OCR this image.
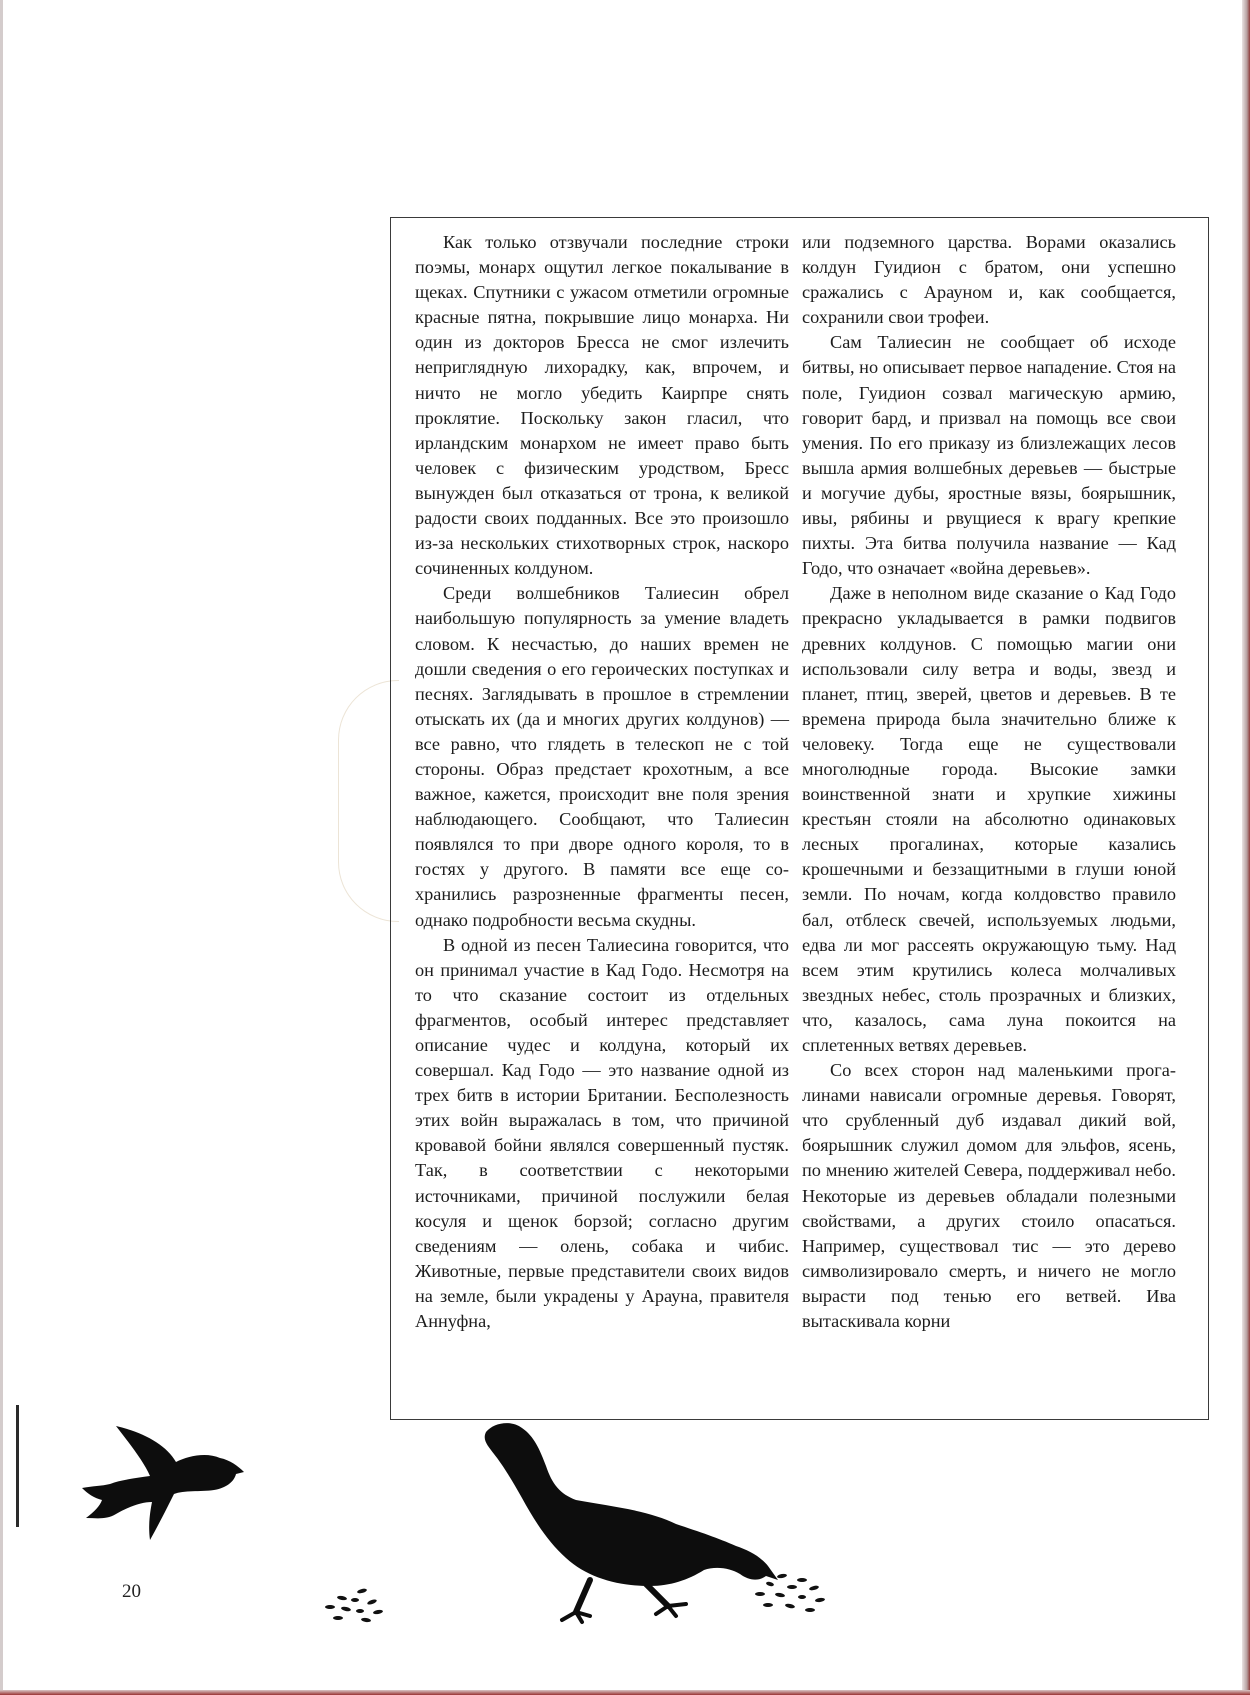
Как только отзвучали последние строки поэмы, монарх ощутил легкое покалывание в щеках. Спутники с ужасом отметили огромные красные пятна, покрывшие лицо монарха. Ни один из докторов Бресса не смог излечить неприглядную лихорадку, как, впрочем, и ничто не могло убедить Каирпре снять проклятие. Поскольку закон гласил, что ирландским монархом не имеет право быть человек с физическим уродством, Бресс вынужден был отказаться от трона, к великой радости своих подданных. Все это произошло из-за нескольких стихотворных строк, наскоро сочиненных колдуном.

Среди волшебников Талиесин обрел наибольшую популярность за умение владеть словом. К несчастью, до наших времен не дошли сведения о его героических поступках и песнях. Заглядывать в прошлое в стремлении отыскать их (да и многих других колдунов) — все равно, что глядеть в телескоп не с той стороны. Образ предстает крохотным, а все важное, кажется, происходит вне поля зрения наблюдающего. Сообщают, что Талиесин появлялся то при дворе одного короля, то в гостях у другого. В памяти все еще сохранились разрозненные фрагменты песен, однако подробности весьма скудны.

В одной из песен Талиесина говорится, что он принимал участие в Кад Годо. Несмотря на то что сказание состоит из отдельных фрагментов, особый интерес представляет описание чудес и колдуна, который их совершал. Кад Годо — это название одной из трех битв в истории Британии. Бесполезность этих войн выражалась в том, что причиной кровавой бойни являлся совершенный пустяк. Так, в соответствии с некоторыми источниками, причиной послужили белая косуля и щенок борзой; согласно другим сведениям — олень, собака и чибис. Животные, первые представители своих видов на земле, были украдены у Арауна, правителя Аннуфна,

или подземного царства. Ворами оказались колдун Гуидион с братом, они успешно сражались с Арауном и, как сообщается, сохранили свои трофеи.

Сам Талиесин не сообщает об исходе битвы, но описывает первое нападение. Стоя на поле, Гуидион созвал магическую армию, говорит бард, и призвал на помощь все свои умения. По его приказу из близлежащих лесов вышла армия волшебных деревьев — быстрые и могучие дубы, яростные вязы, боярышник, ивы, рябины и рвущиеся к врагу крепкие пихты. Эта битва получила название — Кад Годо, что означает «война деревьев».

Даже в неполном виде сказание о Кад Годо прекрасно укладывается в рамки подвигов древних колдунов. С помощью магии они использовали силу ветра и воды, звезд и планет, птиц, зверей, цветов и деревьев. В те времена природа была значительно ближе к человеку. Тогда еще не существовали многолюдные города. Высокие замки воинственной знати и хрупкие хижины крестьян стояли на абсолютно одинаковых лесных прогалинах, которые казались крошечными и беззащитными в глуши юной земли. По ночам, когда колдовство правило бал, отблеск свечей, используемых людьми, едва ли мог рассеять окружающую тьму. Над всем этим крутились колеса молчаливых звездных небес, столь прозрачных и близких, что, казалось, сама луна покоится на сплетенных ветвях деревьев.

Со всех сторон над маленькими прогалинами нависали огромные деревья. Говорят, что срубленный дуб издавал дикий вой, боярышник служил домом для эльфов, ясень, по мнению жителей Севера, поддерживал небо. Некоторые из деревьев обладали полезными свойствами, а других стоило опасаться. Например, существовал тис — это дерево символизировало смерть, и ничего не могло вырасти под тенью его ветвей. Ива вытаскивала корни

20
